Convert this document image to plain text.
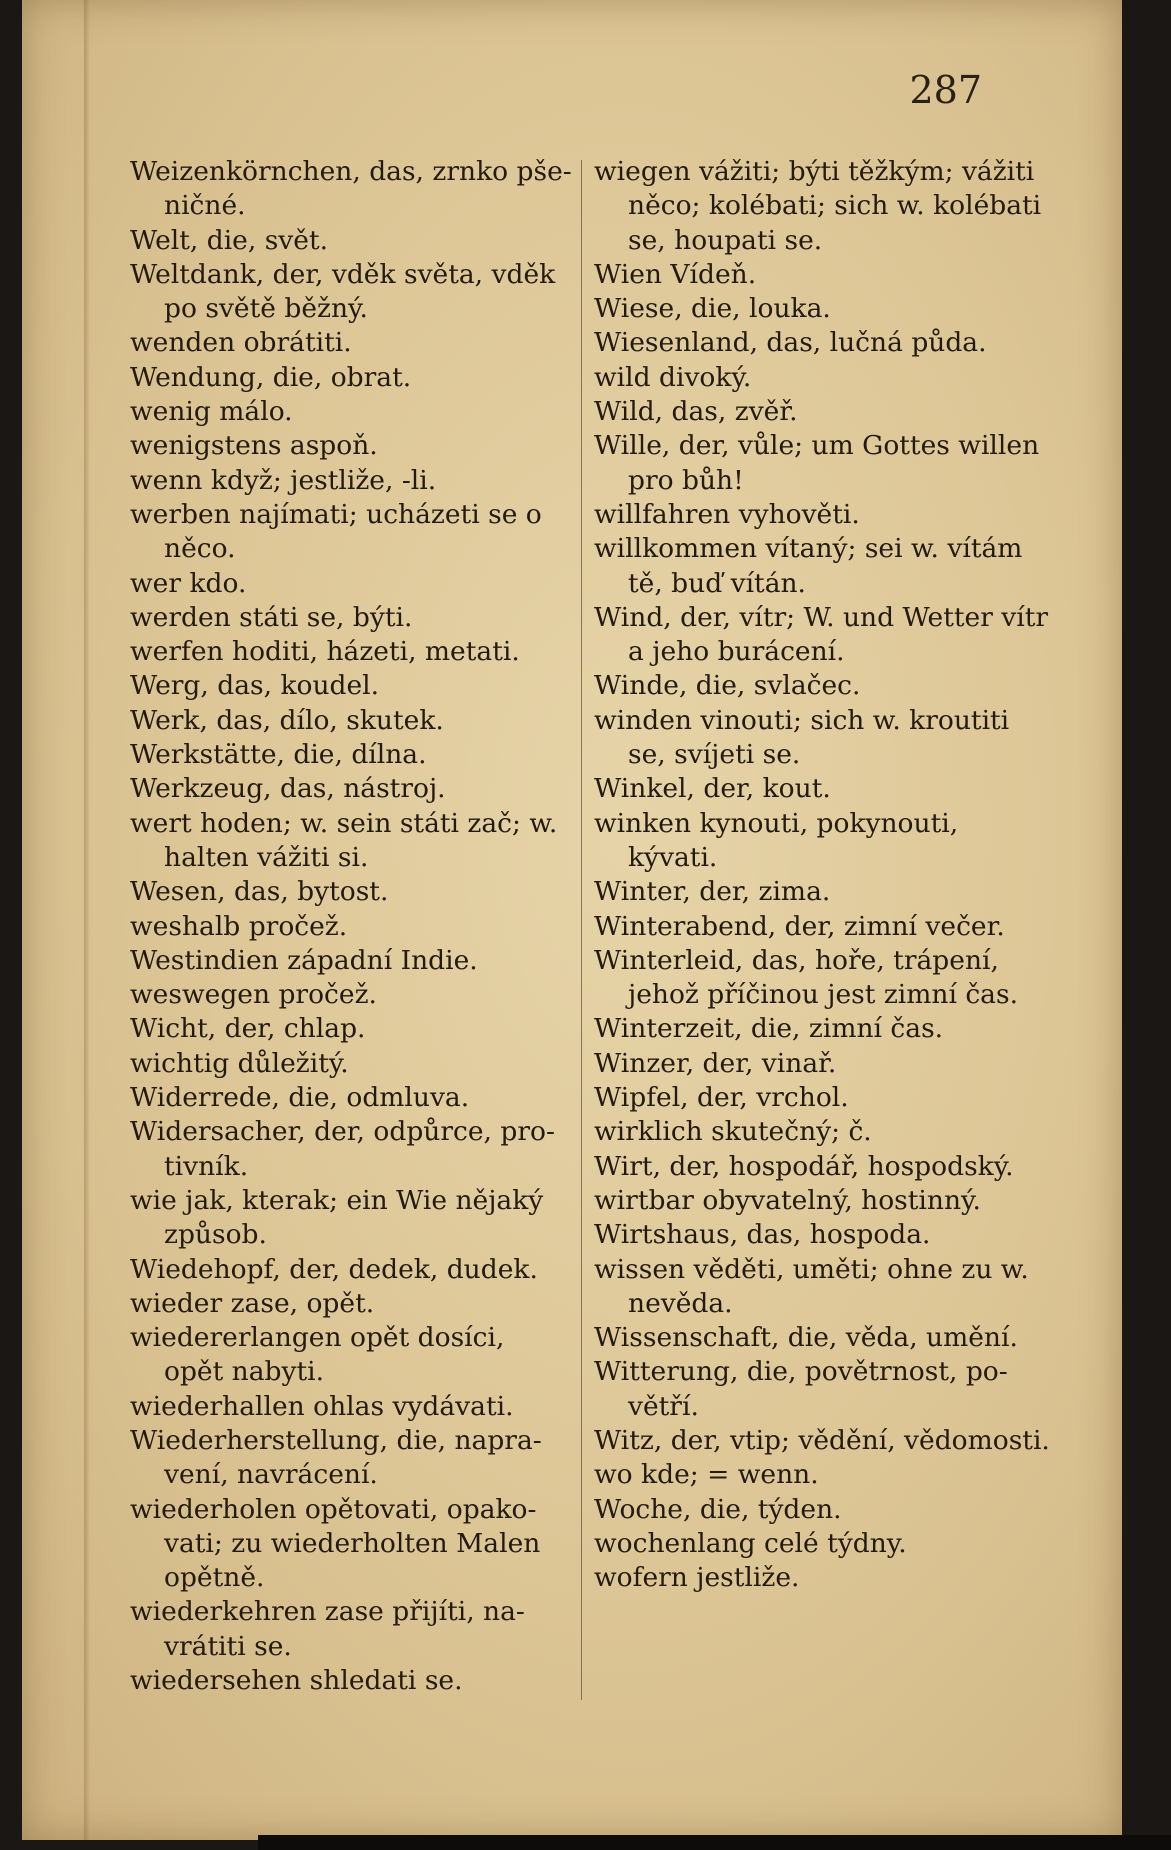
287

Weizenkörnchen, das, zrnko pšeničné.

Welt, die, svět.

Weltdank, der, vděk světa, vděk po světě běžný.

wenden obrátiti.

Wendung, die, obrat.

wenig málo.

wenigstens aspoň.

wenn když; jestliže, -li.

werben najímati; ucházeti se o něco.

wer kdo.

werden státi se, býti.

werfen hoditi, házeti, metati.

Werg, das, koudel.

Werk, das, dílo, skutek.

Werkstätte, die, dílna.

Werkzeug, das, nástroj.

wert hoden; w. sein státi zač; w. halten vážiti si.

Wesen, das, bytost.

weshalb pročež.

Westindien západní Indie.

weswegen pročež.

Wicht, der, chlap.

wichtig důležitý.

Widerrede, die, odmluva.

Widersacher, der, odpůrce, protivník.

wie jak, kterak; ein Wie nějaký způsob.

Wiedehopf, der, dedek, dudek.

wieder zase, opět.

wiedererlangen opět dosíci, opět nabyti.

wiederhallen ohlas vydávati.

Wiederherstellung, die, napravení, navrácení.

wiederholen opětovati, opakovati; zu wiederholten Malen opětně.

wiederkehren zase přijíti, navrátiti se.

wiedersehen shledati se.

wiegen vážiti; býti těžkým; vážiti něco; kolébati; sich w. kolébati se, houpati se.

Wien Vídeň.

Wiese, die, louka.

Wiesenland, das, lučná půda.

wild divoký.

Wild, das, zvěř.

Wille, der, vůle; um Gottes willen pro bůh!

willfahren vyhověti.

willkommen vítaný; sei w. vítám tě, buď vítán.

Wind, der, vítr; W. und Wetter vítr a jeho burácení.

Winde, die, svlačec.

winden vinouti; sich w. kroutiti se, svíjeti se.

Winkel, der, kout.

winken kynouti, pokynouti, kývati.

Winter, der, zima.

Winterabend, der, zimní večer.

Winterleid, das, hoře, trápení, jehož příčinou jest zimní čas.

Winterzeit, die, zimní čas.

Winzer, der, vinař.

Wipfel, der, vrchol.

wirklich skutečný; č.

Wirt, der, hospodář, hospodský.

wirtbar obyvatelný, hostinný.

Wirtshaus, das, hospoda.

wissen věděti, uměti; ohne zu w. nevěda.

Wissenschaft, die, věda, umění.

Witterung, die, povětrnost, povětří.

Witz, der, vtip; vědění, vědomosti.

wo kde; = wenn.

Woche, die, týden.

wochenlang celé týdny.

wofern jestliže.
